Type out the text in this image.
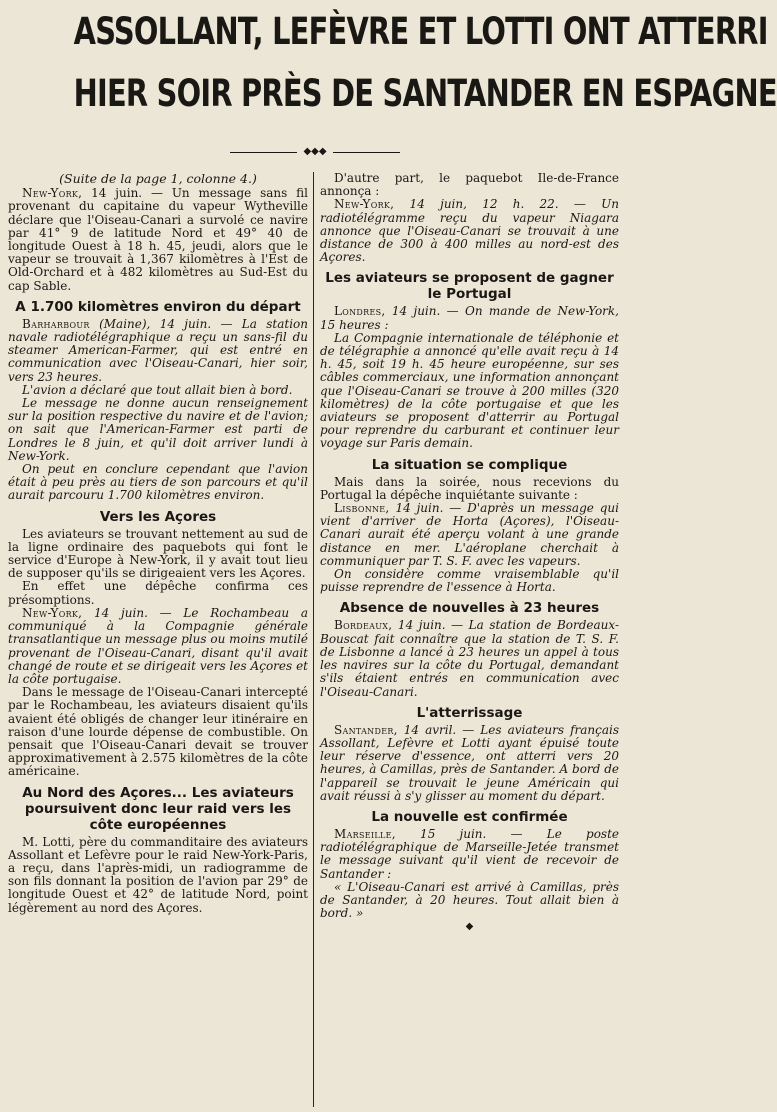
ASSOLLANT, LEFÈVRE ET LOTTI ONT ATTERRI
HIER SOIR PRÈS DE SANTANDER EN ESPAGNE
◆◆◆

(Suite de la page 1, colonne 4.)

New-York, 14 juin. — Un message sans fil provenant du capitaine du vapeur Wytheville déclare que l'Oiseau-Canari a survolé ce navire par 41° 9 de latitude Nord et 49° 40 de longitude Ouest à 18 h. 45, jeudi, alors que le vapeur se trouvait à 1,367 kilomètres à l'Est de Old-Orchard et à 482 kilomètres au Sud-Est du cap Sable.

A 1.700 kilomètres environ du départ

Barharbour (Maine), 14 juin. — La station navale radiotélégraphique a reçu un sans-fil du steamer American-Farmer, qui est entré en communication avec l'Oiseau-Canari, hier soir, vers 23 heures.

L'avion a déclaré que tout allait bien à bord.

Le message ne donne aucun renseignement sur la position respective du navire et de l'avion; on sait que l'American-Farmer est parti de Londres le 8 juin, et qu'il doit arriver lundi à New-York.

On peut en conclure cependant que l'avion était à peu près au tiers de son parcours et qu'il aurait parcouru 1.700 kilomètres environ.

Vers les Açores

Les aviateurs se trouvant nettement au sud de la ligne ordinaire des paquebots qui font le service d'Europe à New-York, il y avait tout lieu de supposer qu'ils se dirigeaient vers les Açores.

En effet une dépêche confirma ces présomptions.

New-York, 14 juin. — Le Rochambeau a communiqué à la Compagnie générale transatlantique un message plus ou moins mutilé provenant de l'Oiseau-Canari, disant qu'il avait changé de route et se dirigeait vers les Açores et la côte portugaise.

Dans le message de l'Oiseau-Canari intercepté par le Rochambeau, les aviateurs disaient qu'ils avaient été obligés de changer leur itinéraire en raison d'une lourde dépense de combustible. On pensait que l'Oiseau-Canari devait se trouver approximativement à 2.575 kilomètres de la côte américaine.

Au Nord des Açores... Les aviateurs poursuivent donc leur raid vers les côte européennes

M. Lotti, père du commanditaire des aviateurs Assollant et Lefèvre pour le raid New-York-Paris, a reçu, dans l'après-midi, un radiogramme de son fils donnant la position de l'avion par 29° de longitude Ouest et 42° de latitude Nord, point légèrement au nord des Açores.

D'autre part, le paquebot Ile-de-France annonça :

New-York, 14 juin, 12 h. 22. — Un radiotélégramme reçu du vapeur Niagara annonce que l'Oiseau-Canari se trouvait à une distance de 300 à 400 milles au nord-est des Açores.

Les aviateurs se proposent de gagner le Portugal

Londres, 14 juin. — On mande de New-York, 15 heures :

La Compagnie internationale de téléphonie et de télégraphie a annoncé qu'elle avait reçu à 14 h. 45, soit 19 h. 45 heure européenne, sur ses câbles commerciaux, une information annonçant que l'Oiseau-Canari se trouve à 200 milles (320 kilomètres) de la côte portugaise et que les aviateurs se proposent d'atterrir au Portugal pour reprendre du carburant et continuer leur voyage sur Paris demain.

La situation se complique

Mais dans la soirée, nous recevions du Portugal la dépêche inquiétante suivante :

Lisbonne, 14 juin. — D'après un message qui vient d'arriver de Horta (Açores), l'Oiseau-Canari aurait été aperçu volant à une grande distance en mer. L'aéroplane cherchait à communiquer par T. S. F. avec les vapeurs.

On considère comme vraisemblable qu'il puisse reprendre de l'essence à Horta.

Absence de nouvelles à 23 heures

Bordeaux, 14 juin. — La station de Bordeaux-Bouscat fait connaître que la station de T. S. F. de Lisbonne a lancé à 23 heures un appel à tous les navires sur la côte du Portugal, demandant s'ils étaient entrés en communication avec l'Oiseau-Canari.

L'atterrissage

Santander, 14 avril. — Les aviateurs français Assollant, Lefèvre et Lotti ayant épuisé toute leur réserve d'essence, ont atterri vers 20 heures, à Camillas, près de Santander. A bord de l'appareil se trouvait le jeune Américain qui avait réussi à s'y glisser au moment du départ.

La nouvelle est confirmée

Marseille, 15 juin. — Le poste radiotélégraphique de Marseille-Jetée transmet le message suivant qu'il vient de recevoir de Santander :

« L'Oiseau-Canari est arrivé à Camillas, près de Santander, à 20 heures. Tout allait bien à bord. »

◆
